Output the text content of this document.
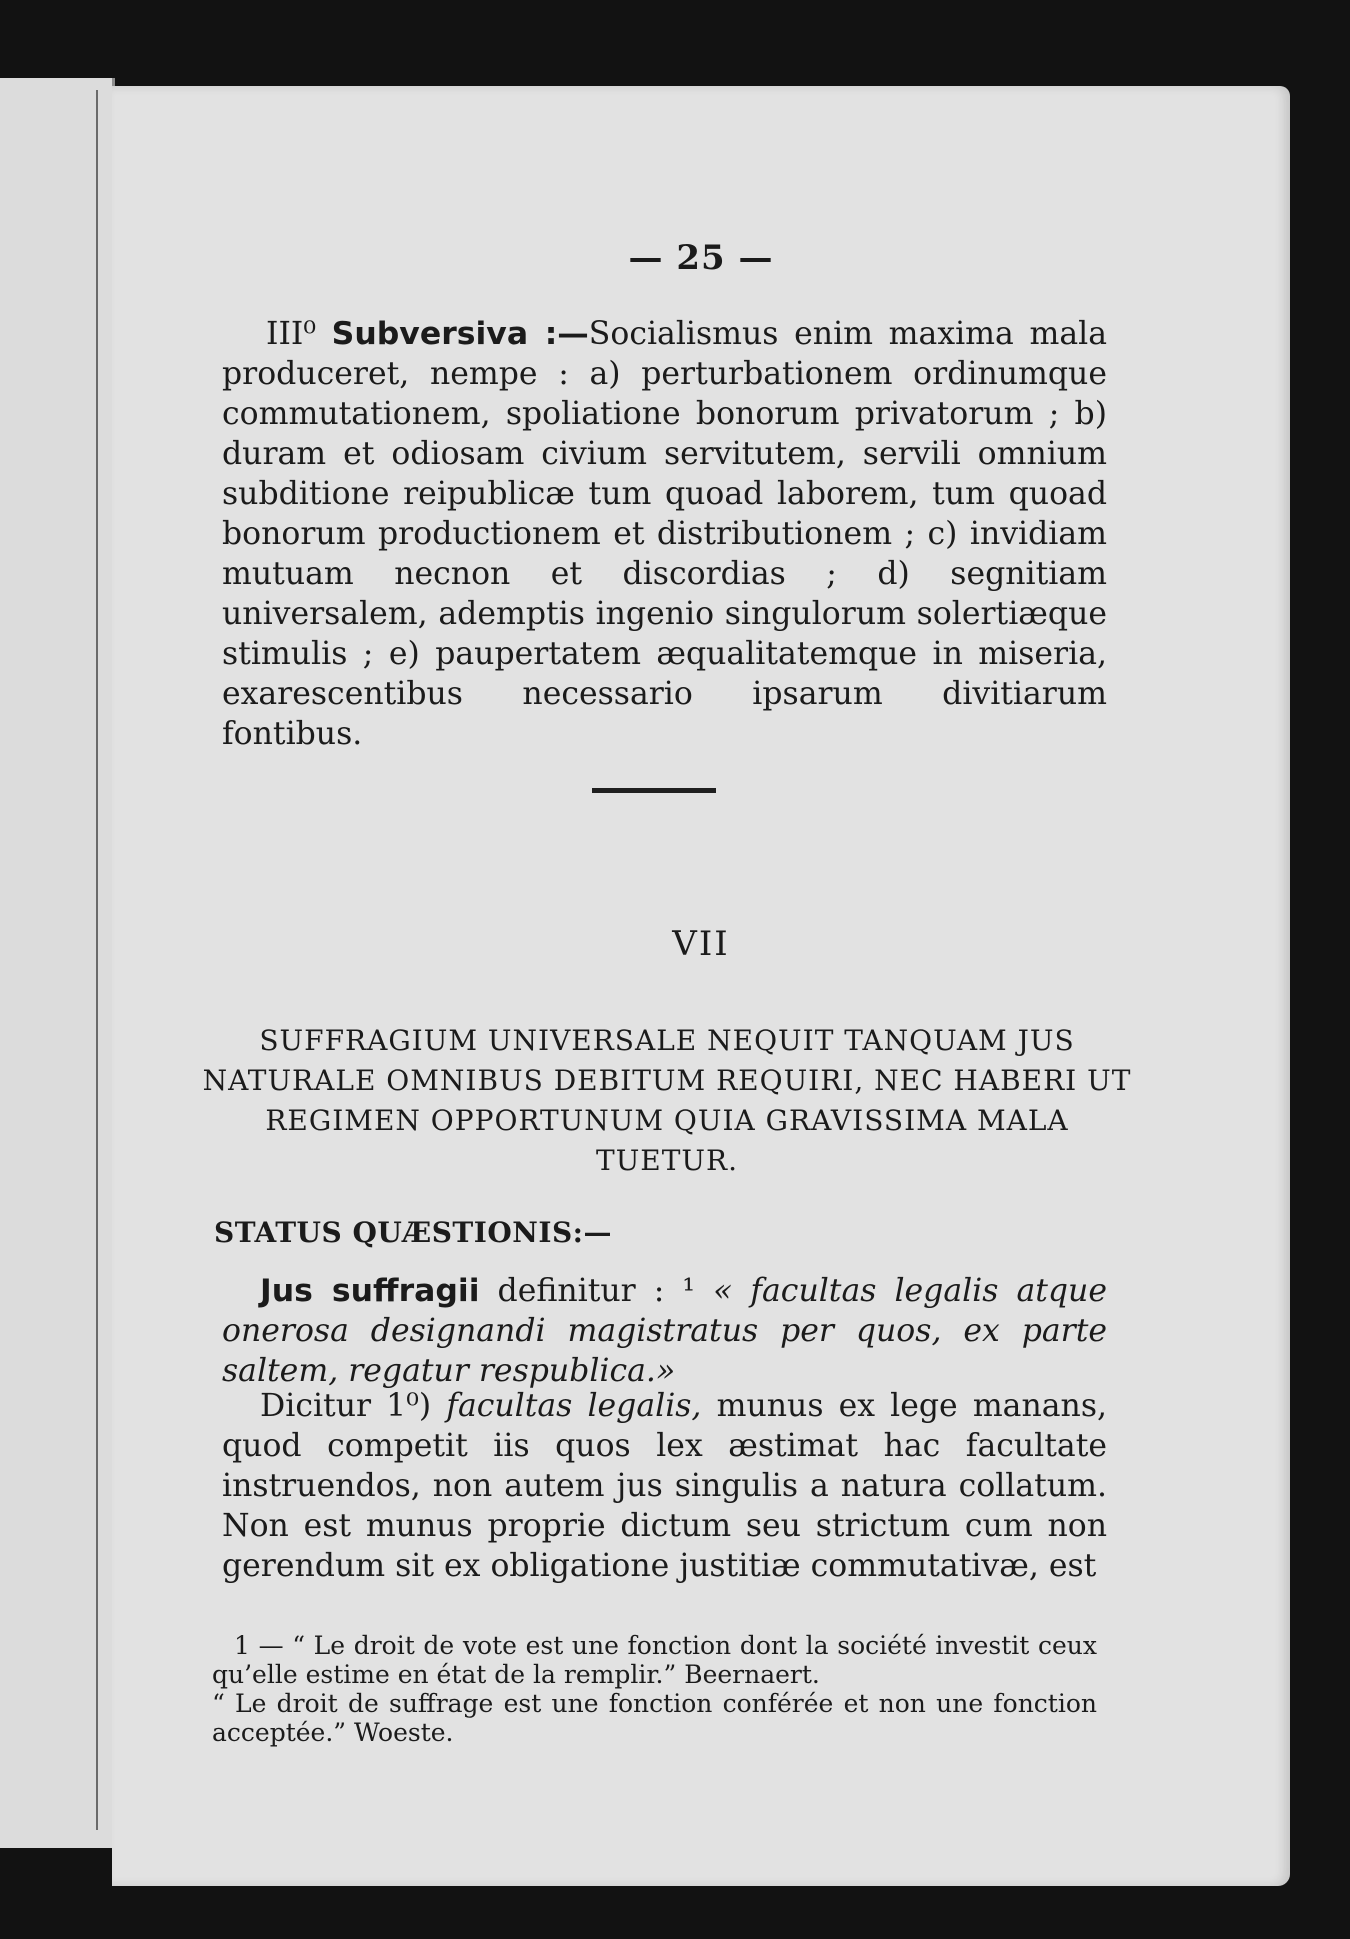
— 25 —

III⁰ Subversiva :—Socialismus enim maxima mala produceret, nempe : a) perturbationem ordinumque commutationem, spoliatione bonorum privatorum ; b) duram et odiosam civium servitutem, servili omnium subditione reipublicæ tum quoad laborem, tum quoad bonorum productionem et distributionem ; c) invidiam mutuam necnon et discordias ; d) segnitiam universalem, ademptis ingenio singulorum solertiæque stimulis ; e) paupertatem æqualitatemque in miseria, exarescentibus necessario ipsarum divitiarum fontibus.

VII
SUFFRAGIUM UNIVERSALE NEQUIT TANQUAM JUS NATURALE OMNIBUS DEBITUM REQUIRI, NEC HABERI UT REGIMEN OPPORTUNUM QUIA GRAVISSIMA MALA TUETUR.
STATUS QUÆSTIONIS:—

Jus suffragii definitur : ¹ « facultas legalis atque onerosa designandi magistratus per quos, ex parte saltem, regatur respublica.»

Dicitur 1⁰) facultas legalis, munus ex lege manans, quod competit iis quos lex æstimat hac facultate instruendos, non autem jus singulis a natura collatum. Non est munus proprie dictum seu strictum cum non gerendum sit ex obligatione justitiæ commutativæ, est

1 — “ Le droit de vote est une fonction dont la société investit ceux qu’elle estime en état de la remplir.” Beernaert.

“ Le droit de suffrage est une fonction conférée et non une fonction acceptée.” Woeste.
